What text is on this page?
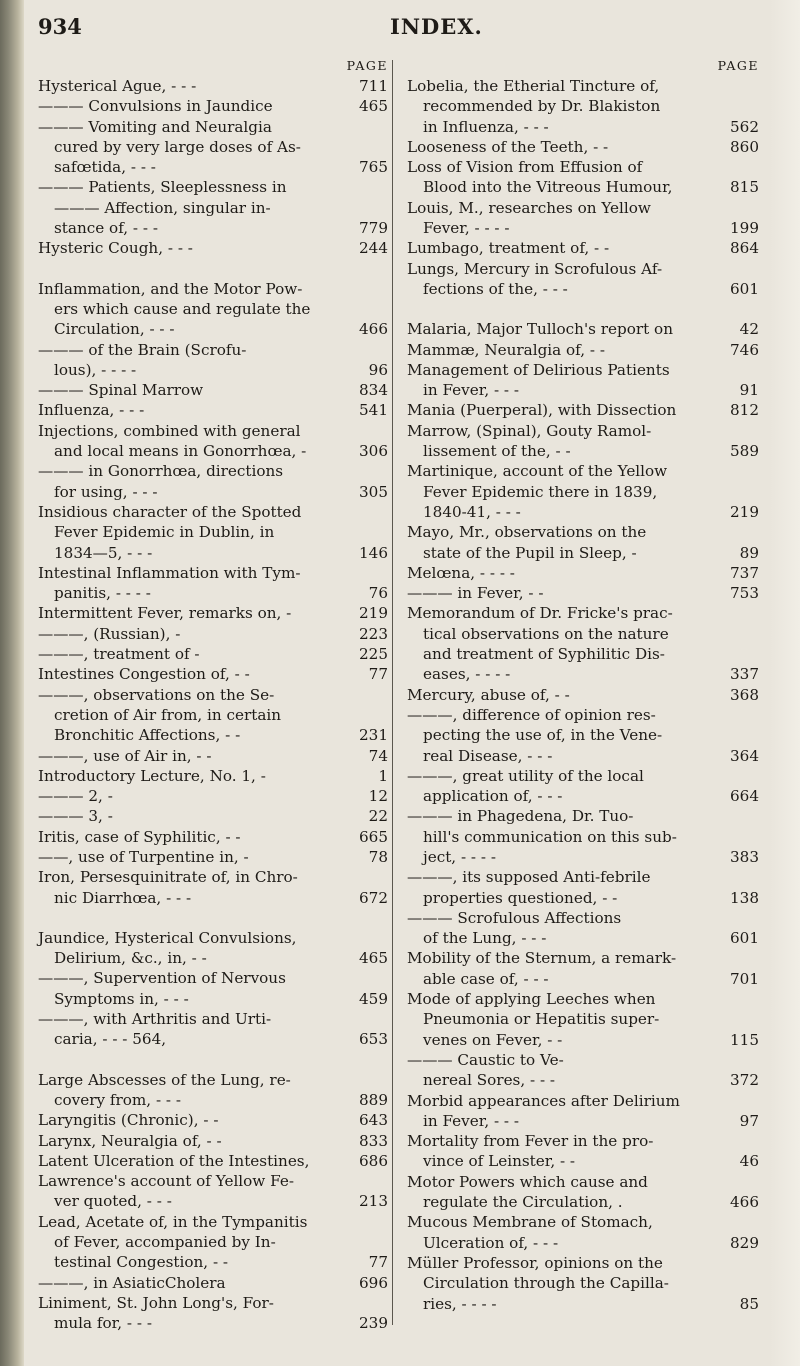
934	INDEX.
PAGE
Hysterical Ague, - - -	711
——— Convulsions in Jaundice	465
——— Vomiting and Neuralgia
cured by very large doses of As-
safœtida, - - -	765
——— Patients, Sleeplessness in
——— Affection, singular in-
stance of, - - -	779
Hysteric Cough, - - -	244
Inflammation, and the Motor Pow-
ers which cause and regulate the
Circulation, - - -	466
——— of the Brain (Scrofu-
lous), - - - -	96
——— Spinal Marrow	834
Influenza, - - -	541
Injections, combined with general
and local means in Gonorrhœa, -	306
——— in Gonorrhœa, directions
for using, - - -	305
Insidious character of the Spotted
Fever Epidemic in Dublin, in
1834—5, - - -	146
Intestinal Inflammation with Tym-
panitis, - - - -	76
Intermittent Fever, remarks on, -	219
———, (Russian), -	223
———, treatment of -	225
Intestines Congestion of, - -	77
———, observations on the Se-
cretion of Air from, in certain
Bronchitic Affections, - -	231
———, use of Air in, - -	74
Introductory Lecture, No. 1, -	1
——— 2, -	12
——— 3, -	22
Iritis, case of Syphilitic, - -	665
——, use of Turpentine in, -	78
Iron, Persesquinitrate of, in Chro-
nic Diarrhœa, - - -	672
Jaundice, Hysterical Convulsions,
Delirium, &c., in, - -	465
———, Supervention of Nervous
Symptoms in, - - -	459
———, with Arthritis and Urti-
caria, - - - 564,	653
Large Abscesses of the Lung, re-
covery from, - - -	889
Laryngitis (Chronic), - -	643
Larynx, Neuralgia of, - -	833
Latent Ulceration of the Intestines,	686
Lawrence's account of Yellow Fe-
ver quoted, - - -	213
Lead, Acetate of, in the Tympanitis
of Fever, accompanied by In-
testinal Congestion, - -	77
———, in AsiaticCholera	696
Liniment, St. John Long's, For-
mula for, - - -	239
PAGE
Lobelia, the Etherial Tincture of,
recommended by Dr. Blakiston
in Influenza, - - -	562
Looseness of the Teeth, - -	860
Loss of Vision from Effusion of
Blood into the Vitreous Humour,	815
Louis, M., researches on Yellow
Fever, - - - -	199
Lumbago, treatment of, - -	864
Lungs, Mercury in Scrofulous Af-
fections of the, - - -	601
Malaria, Major Tulloch's report on	42
Mammæ, Neuralgia of, - -	746
Management of Delirious Patients
in Fever, - - -	91
Mania (Puerperal), with Dissection	812
Marrow, (Spinal), Gouty Ramol-
lissement of the, - -	589
Martinique, account of the Yellow
Fever Epidemic there in 1839,
1840-41, - - -	219
Mayo, Mr., observations on the
state of the Pupil in Sleep, -	89
Melœna, - - - -	737
——— in Fever, - -	753
Memorandum of Dr. Fricke's prac-
tical observations on the nature
and treatment of Syphilitic Dis-
eases, - - - -	337
Mercury, abuse of, - -	368
———, difference of opinion res-
pecting the use of, in the Vene-
real Disease, - - -	364
———, great utility of the local
application of, - - -	664
——— in Phagedena, Dr. Tuo-
hill's communication on this sub-
ject, - - - -	383
———, its supposed Anti-febrile
properties questioned, - -	138
——— Scrofulous Affections
of the Lung, - - -	601
Mobility of the Sternum, a remark-
able case of, - - -	701
Mode of applying Leeches when
Pneumonia or Hepatitis super-
venes on Fever, - -	115
——— Caustic to Ve-
nereal Sores, - - -	372
Morbid appearances after Delirium
in Fever, - - -	97
Mortality from Fever in the pro-
vince of Leinster, - -	46
Motor Powers which cause and
regulate the Circulation, .	466
Mucous Membrane of Stomach,
Ulceration of, - - -	829
Müller Professor, opinions on the
Circulation through the Capilla-
ries, - - - -	85
